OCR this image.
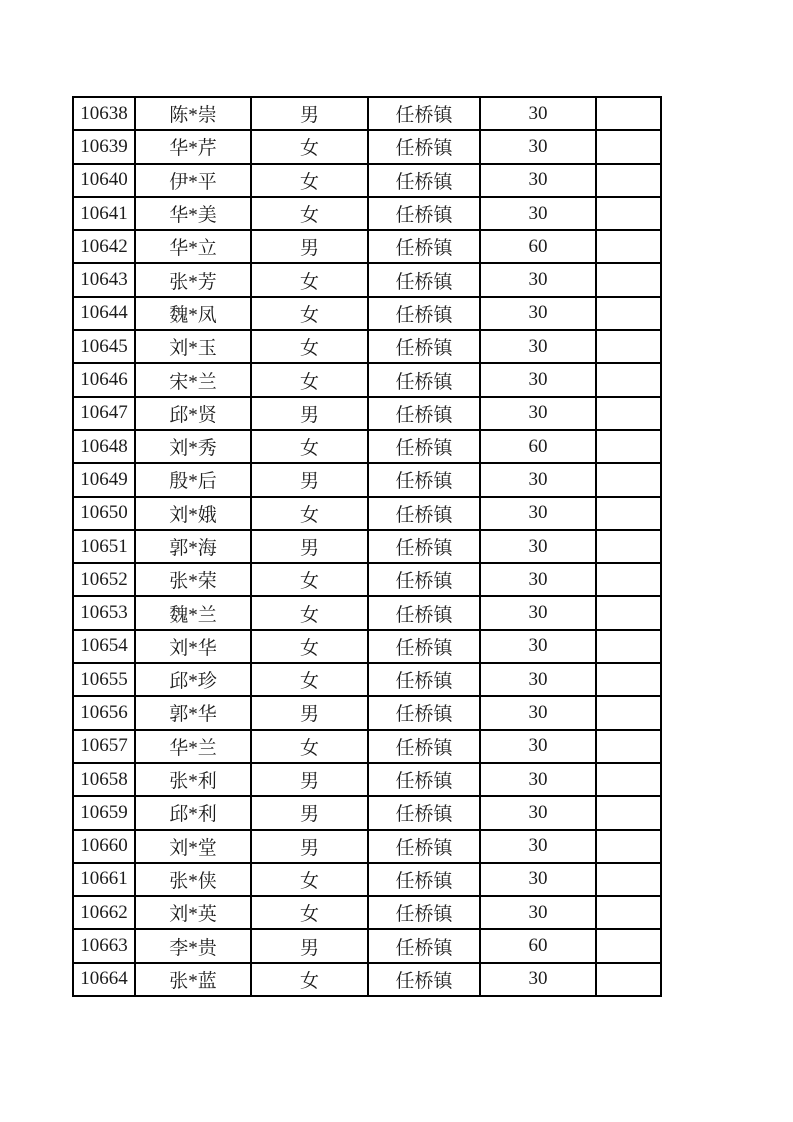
10638	陈*崇	男	任桥镇	30	
10639	华*芹	女	任桥镇	30	
10640	伊*平	女	任桥镇	30	
10641	华*美	女	任桥镇	30	
10642	华*立	男	任桥镇	60	
10643	张*芳	女	任桥镇	30	
10644	魏*凤	女	任桥镇	30	
10645	刘*玉	女	任桥镇	30	
10646	宋*兰	女	任桥镇	30	
10647	邱*贤	男	任桥镇	30	
10648	刘*秀	女	任桥镇	60	
10649	殷*后	男	任桥镇	30	
10650	刘*娥	女	任桥镇	30	
10651	郭*海	男	任桥镇	30	
10652	张*荣	女	任桥镇	30	
10653	魏*兰	女	任桥镇	30	
10654	刘*华	女	任桥镇	30	
10655	邱*珍	女	任桥镇	30	
10656	郭*华	男	任桥镇	30	
10657	华*兰	女	任桥镇	30	
10658	张*利	男	任桥镇	30	
10659	邱*利	男	任桥镇	30	
10660	刘*堂	男	任桥镇	30	
10661	张*侠	女	任桥镇	30	
10662	刘*英	女	任桥镇	30	
10663	李*贵	男	任桥镇	60	
10664	张*蓝	女	任桥镇	30	
